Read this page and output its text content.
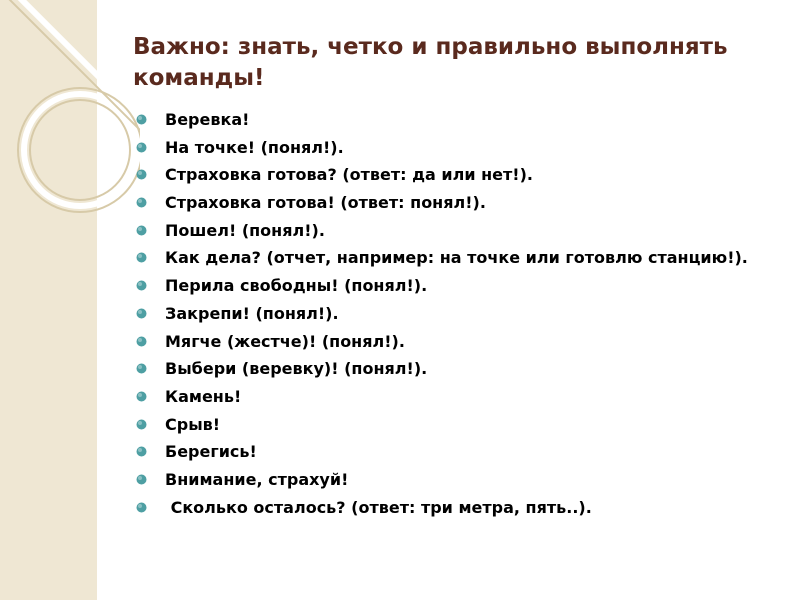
Важно: знать, четко и правильно выполнять команды!
Веревка!
На точке! (понял!).
Страховка готова? (ответ: да или нет!).
Страховка готова! (ответ: понял!).
Пошел! (понял!).
Как дела? (отчет, например: на точке или готовлю станцию!).
Перила свободны! (понял!).
Закрепи! (понял!).
Мягче (жестче)! (понял!).
Выбери (веревку)! (понял!).
Камень!
Срыв!
Берегись!
Внимание, страхуй!
Сколько осталось? (ответ: три метра, пять..).
